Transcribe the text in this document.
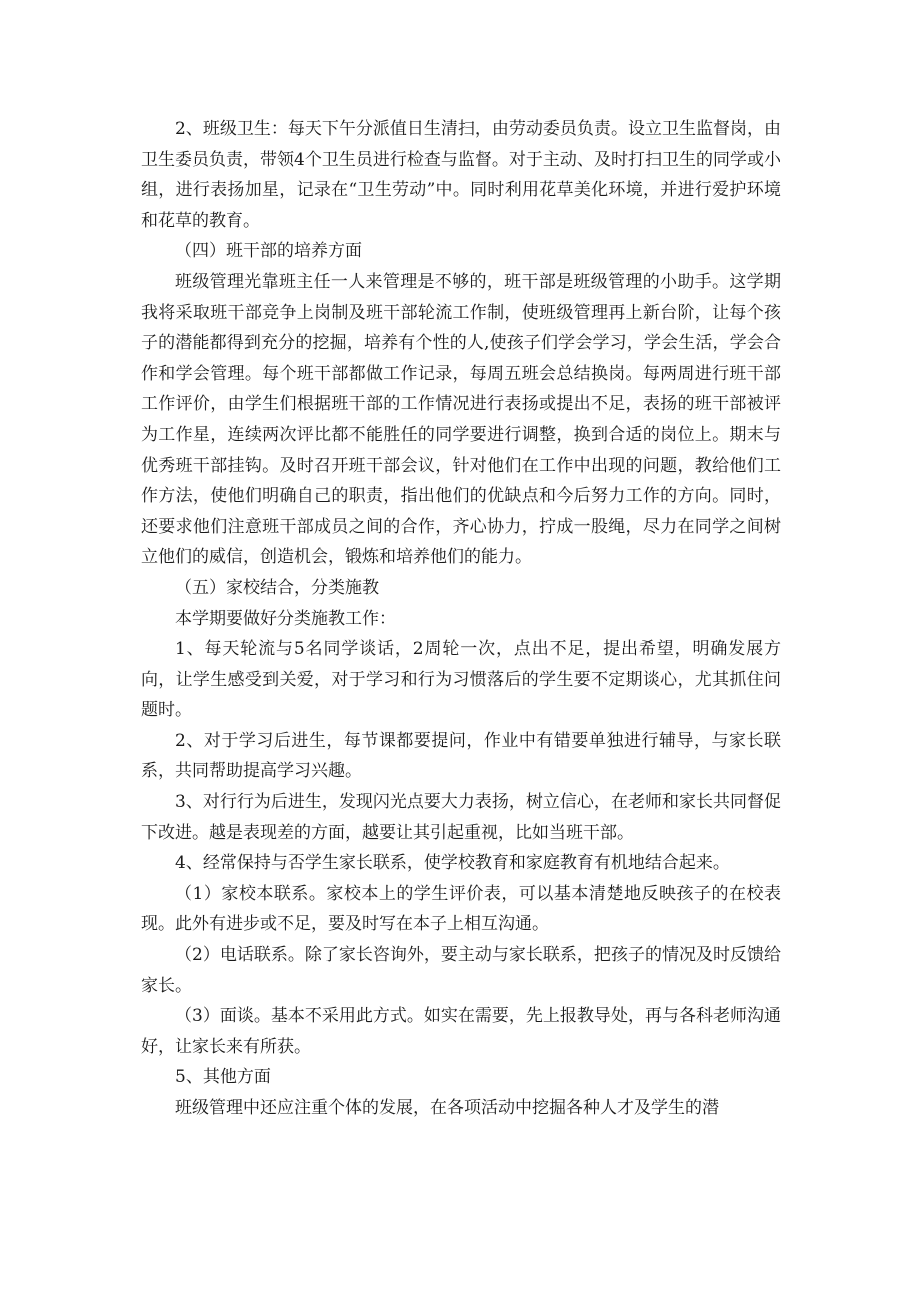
2、班级卫生：每天下午分派值日生清扫，由劳动委员负责。设立卫生监督岗，由卫生委员负责，带领4个卫生员进行检查与监督。对于主动、及时打扫卫生的同学或小组，进行表扬加星，记录在“卫生劳动”中。同时利用花草美化环境，并进行爱护环境和花草的教育。

（四）班干部的培养方面

班级管理光靠班主任一人来管理是不够的，班干部是班级管理的小助手。这学期我将采取班干部竞争上岗制及班干部轮流工作制，使班级管理再上新台阶，让每个孩子的潜能都得到充分的挖掘，培养有个性的人,使孩子们学会学习，学会生活，学会合作和学会管理。每个班干部都做工作记录，每周五班会总结换岗。每两周进行班干部工作评价，由学生们根据班干部的工作情况进行表扬或提出不足，表扬的班干部被评为工作星，连续两次评比都不能胜任的同学要进行调整，换到合适的岗位上。期末与优秀班干部挂钩。及时召开班干部会议，针对他们在工作中出现的问题，教给他们工作方法，使他们明确自己的职责，指出他们的优缺点和今后努力工作的方向。同时，还要求他们注意班干部成员之间的合作，齐心协力，拧成一股绳，尽力在同学之间树立他们的威信，创造机会，锻炼和培养他们的能力。

（五）家校结合，分类施教

本学期要做好分类施教工作：

1、每天轮流与5名同学谈话，2周轮一次，点出不足，提出希望，明确发展方向，让学生感受到关爱，对于学习和行为习惯落后的学生要不定期谈心，尤其抓住问题时。

2、对于学习后进生，每节课都要提问，作业中有错要单独进行辅导，与家长联系，共同帮助提高学习兴趣。

3、对行行为后进生，发现闪光点要大力表扬，树立信心，在老师和家长共同督促下改进。越是表现差的方面，越要让其引起重视，比如当班干部。

4、经常保持与否学生家长联系，使学校教育和家庭教育有机地结合起来。

（1）家校本联系。家校本上的学生评价表，可以基本清楚地反映孩子的在校表现。此外有进步或不足，要及时写在本子上相互沟通。

（2）电话联系。除了家长咨询外，要主动与家长联系，把孩子的情况及时反馈给家长。

（3）面谈。基本不采用此方式。如实在需要，先上报教导处，再与各科老师沟通好，让家长来有所获。

5、其他方面

班级管理中还应注重个体的发展，在各项活动中挖掘各种人才及学生的潜
